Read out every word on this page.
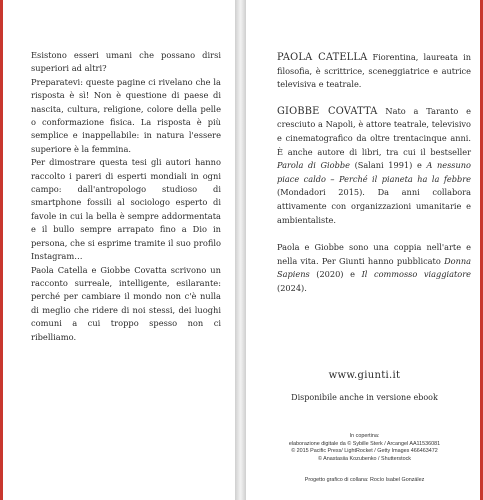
Esistono esseri umani che possano dirsi superiori ad altri?

Preparatevi: queste pagine ci rivelano che la risposta è sì! Non è questione di paese di nascita, cultura, religione, colore della pelle o conformazione fisica. La risposta è più semplice e inappellabile: in natura l'essere superiore è la femmina.

Per dimostrare questa tesi gli autori hanno raccolto i pareri di esperti mondiali in ogni campo: dall'antropologo studioso di smartphone fossili al sociologo esperto di favole in cui la bella è sempre addormentata e il bullo sempre arrapato fino a Dio in persona, che si esprime tramite il suo profilo Instagram…

Paola Catella e Giobbe Covatta scrivono un racconto surreale, intelligente, esilarante: perché per cambiare il mondo non c'è nulla di meglio che ridere di noi stessi, dei luoghi comuni a cui troppo spesso non ci ribelliamo.

PAOLA CATELLA Fiorentina, laureata in filosofia, è scrittrice, sceneggiatrice e autrice televisiva e teatrale.
GIOBBE COVATTA Nato a Taranto e cresciuto a Napoli, è attore teatrale, televisivo e cinematografico da oltre trentacinque anni. È anche autore di libri, tra cui il bestseller Parola di Giobbe (Salani 1991) e A nessuno piace caldo – Perché il pianeta ha la febbre (Mondadori 2015). Da anni collabora attivamente con organizzazioni umanitarie e ambientaliste.
Paola e Giobbe sono una coppia nell'arte e nella vita. Per Giunti hanno pubblicato Donna Sapiens (2020) e Il commosso viaggiatore (2024).
www.giunti.it
Disponibile anche in versione ebook
In copertina:
elaborazione digitale da © Sybille Sterk / Arcangel AA11536081
© 2015 Pacific Press/ LightRocket / Getty Images 466463472
© Anastasiia Kozubenko / Shutterstock
Progetto grafico di collana: Rocío Isabel González
